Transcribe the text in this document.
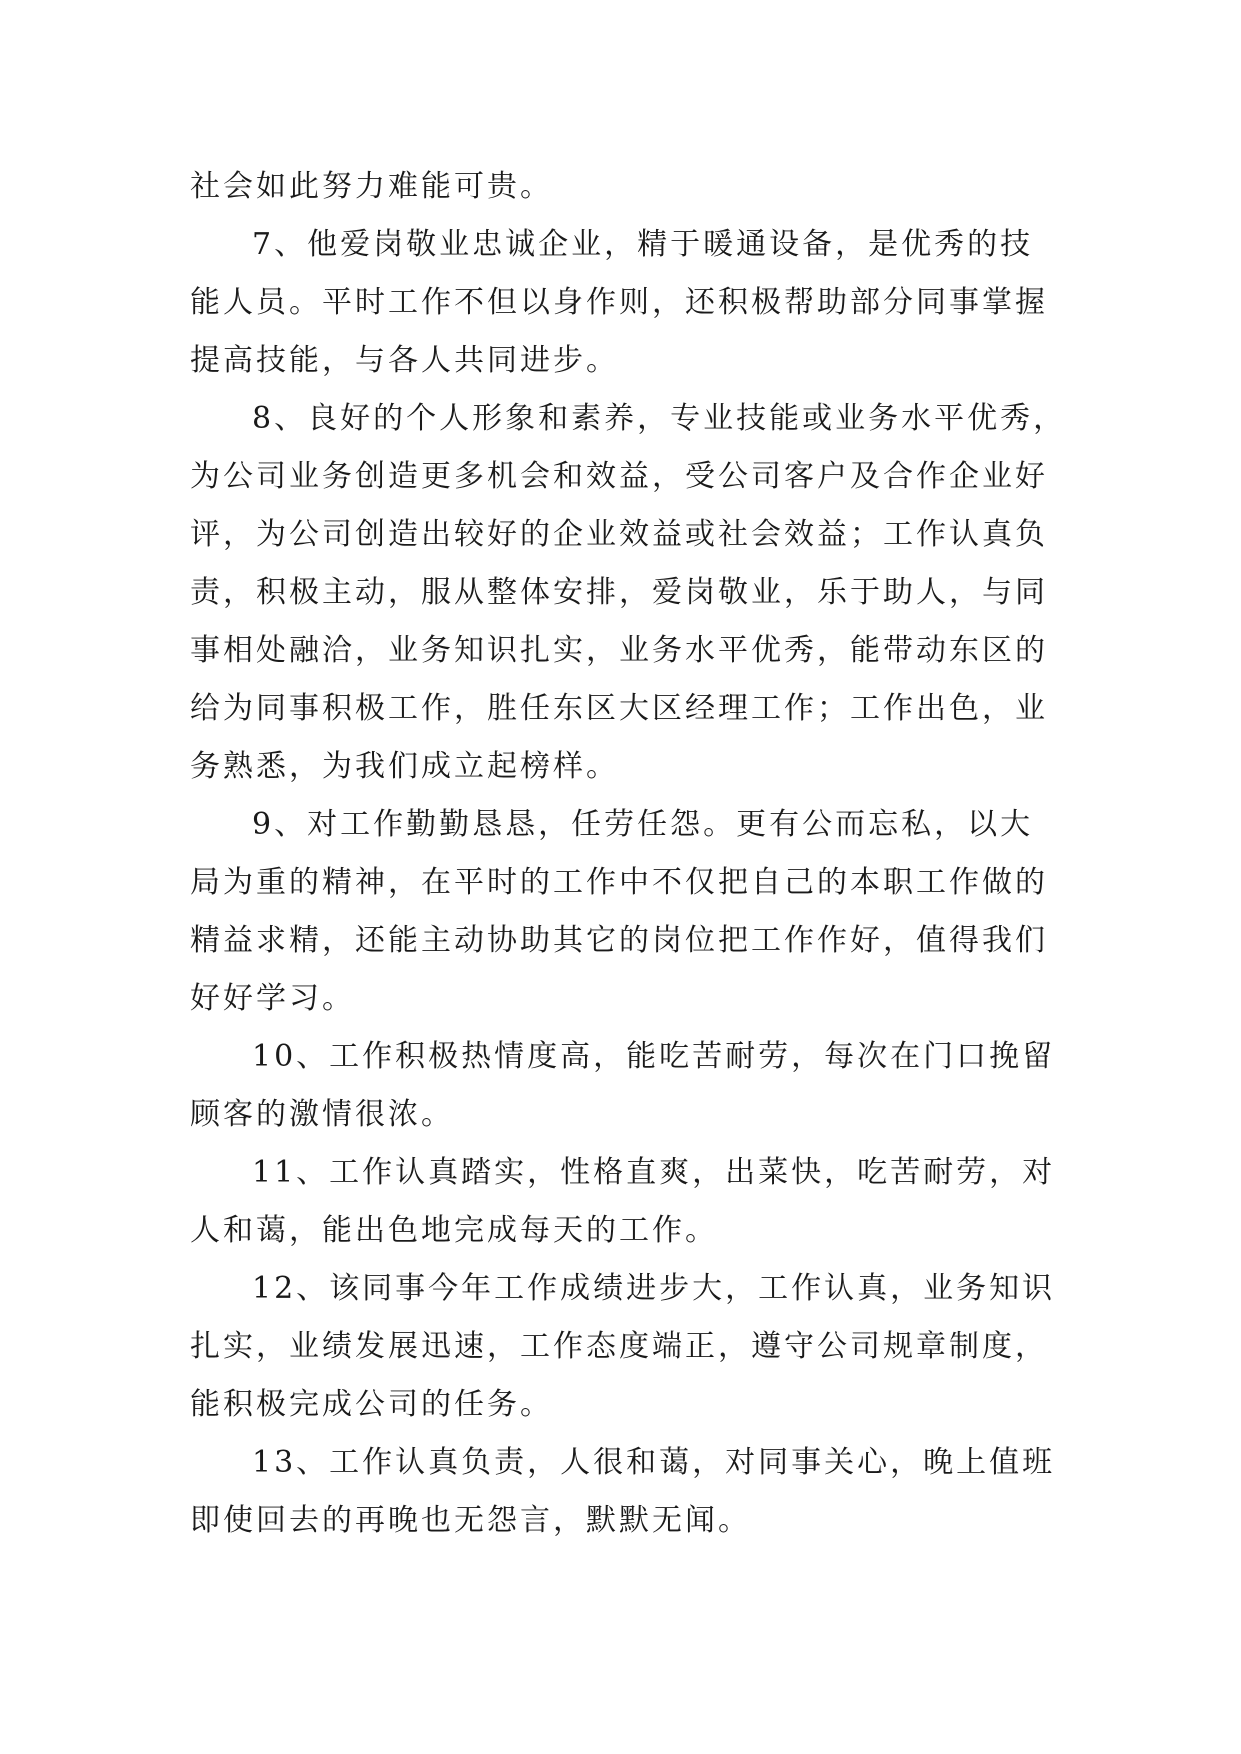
社会如此努力难能可贵。

7、他爱岗敬业忠诚企业，精于暖通设备，是优秀的技
能人员。平时工作不但以身作则，还积极帮助部分同事掌握
提高技能，与各人共同进步。

8、良好的个人形象和素养，专业技能或业务水平优秀，
为公司业务创造更多机会和效益，受公司客户及合作企业好
评，为公司创造出较好的企业效益或社会效益；工作认真负
责，积极主动，服从整体安排，爱岗敬业，乐于助人，与同
事相处融洽，业务知识扎实，业务水平优秀，能带动东区的
给为同事积极工作，胜任东区大区经理工作；工作出色，业
务熟悉，为我们成立起榜样。

9、对工作勤勤恳恳，任劳任怨。更有公而忘私，以大
局为重的精神，在平时的工作中不仅把自己的本职工作做的
精益求精，还能主动协助其它的岗位把工作作好，值得我们
好好学习。

10、工作积极热情度高，能吃苦耐劳，每次在门口挽留
顾客的激情很浓。

11、工作认真踏实，性格直爽，出菜快，吃苦耐劳，对
人和蔼，能出色地完成每天的工作。

12、该同事今年工作成绩进步大，工作认真，业务知识
扎实，业绩发展迅速，工作态度端正，遵守公司规章制度，
能积极完成公司的任务。

13、工作认真负责，人很和蔼，对同事关心，晚上值班
即使回去的再晚也无怨言，默默无闻。
